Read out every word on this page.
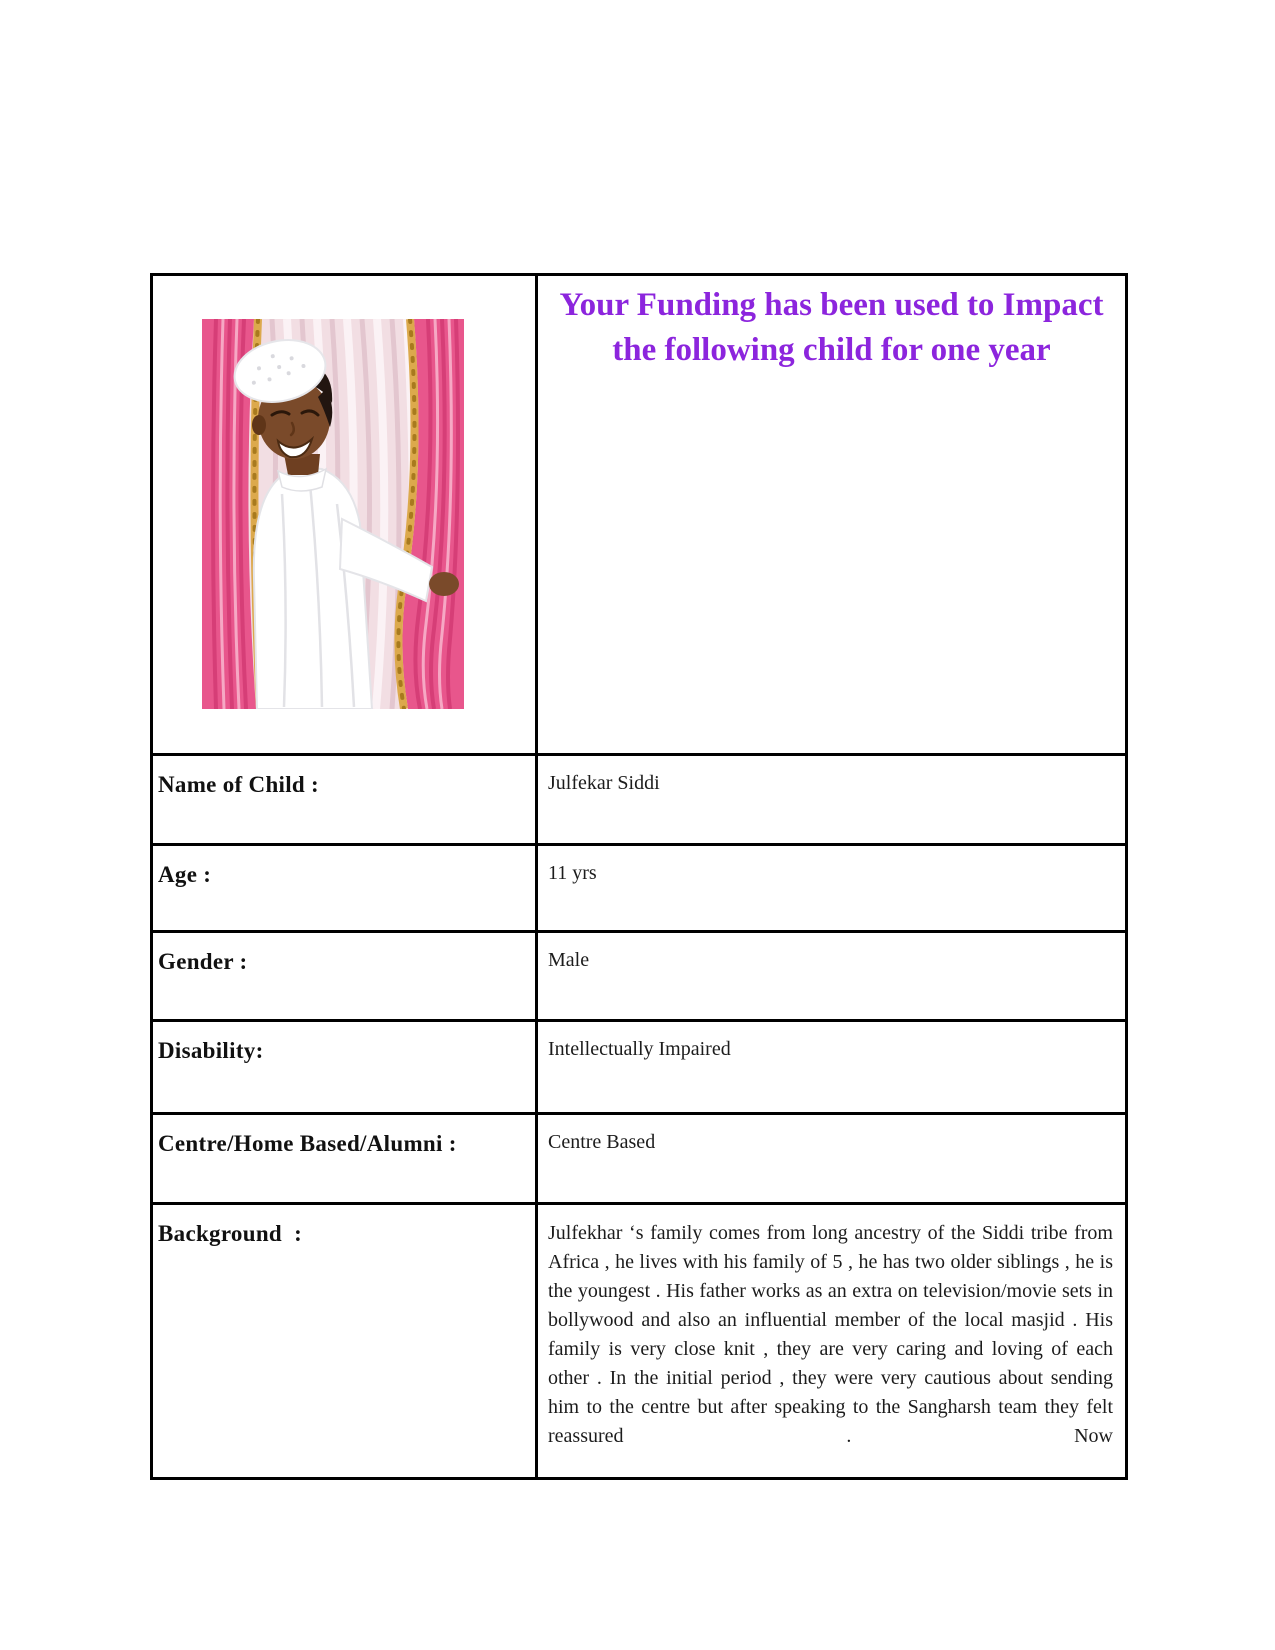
Your Funding has been used to Impact the following child for one year

Name of Child :	Julfekar Siddi
Age :	11 yrs
Gender :	Male
Disability:	Intellectually Impaired
Centre/Home Based/Alumni :	Centre Based
Background  :	Julfekhar ‘s family comes from long ancestry of the Siddi tribe from Africa , he lives with his family of 5 , he has two older siblings , he is the youngest . His father works as an extra on television/movie sets in bollywood and also an influential member of the local masjid . His family is very close knit , they are very caring and loving of each other . In the initial period , they were very cautious about sending him to the centre but after speaking to the Sangharsh team they felt reassured . Now
